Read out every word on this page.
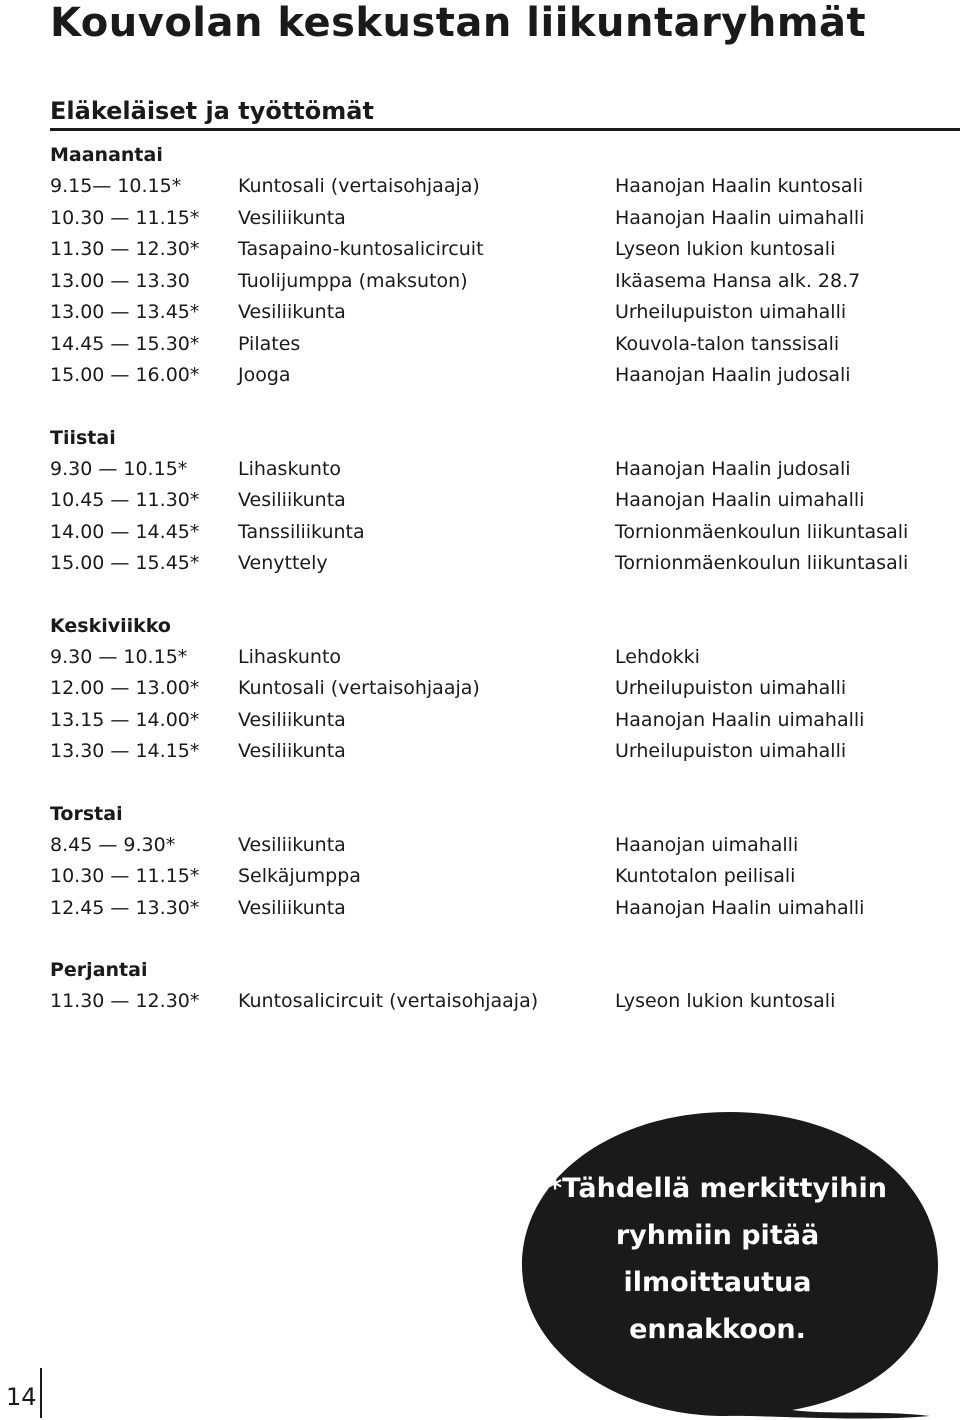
Kouvolan keskustan liikuntaryhmät
Eläkeläiset ja työttömät
Maanantai
9.15— 10.15*	Kuntosali (vertaisohjaaja)	Haanojan Haalin kuntosali
10.30 — 11.15* Vesiliikunta	Haanojan Haalin uimahalli
11.30 — 12.30* Tasapaino-kuntosalicircuit	Lyseon lukion kuntosali
13.00 — 13.30	Tuolijumppa (maksuton)	Ikäasema Hansa alk. 28.7
13.00 — 13.45* Vesiliikunta	Urheilupuiston uimahalli
14.45 — 15.30* Pilates	Kouvola-talon tanssisali
15.00 — 16.00* Jooga	Haanojan Haalin judosali
Tiistai
9.30 — 10.15*	Lihaskunto	Haanojan Haalin judosali
10.45 — 11.30* Vesiliikunta	Haanojan Haalin uimahalli
14.00 — 14.45* Tanssiliikunta	Tornionmäenkoulun liikuntasali
15.00 — 15.45* Venyttely	Tornionmäenkoulun liikuntasali
Keskiviikko
9.30 — 10.15*	Lihaskunto	Lehdokki
12.00 — 13.00* Kuntosali (vertaisohjaaja)	Urheilupuiston uimahalli
13.15 — 14.00* Vesiliikunta	Haanojan Haalin uimahalli
13.30 — 14.15* Vesiliikunta	Urheilupuiston uimahalli
Torstai
8.45 — 9.30*	Vesiliikunta	Haanojan uimahalli
10.30 — 11.15* Selkäjumppa	Kuntotalon peilisali
12.45 — 13.30* Vesiliikunta	Haanojan Haalin uimahalli
Perjantai
11.30 — 12.30* Kuntosalicircuit (vertaisohjaaja)	Lyseon lukion kuntosali
*Tähdellä merkittyihin
ryhmiin pitää
ilmoittautua ennakkoon.
14
